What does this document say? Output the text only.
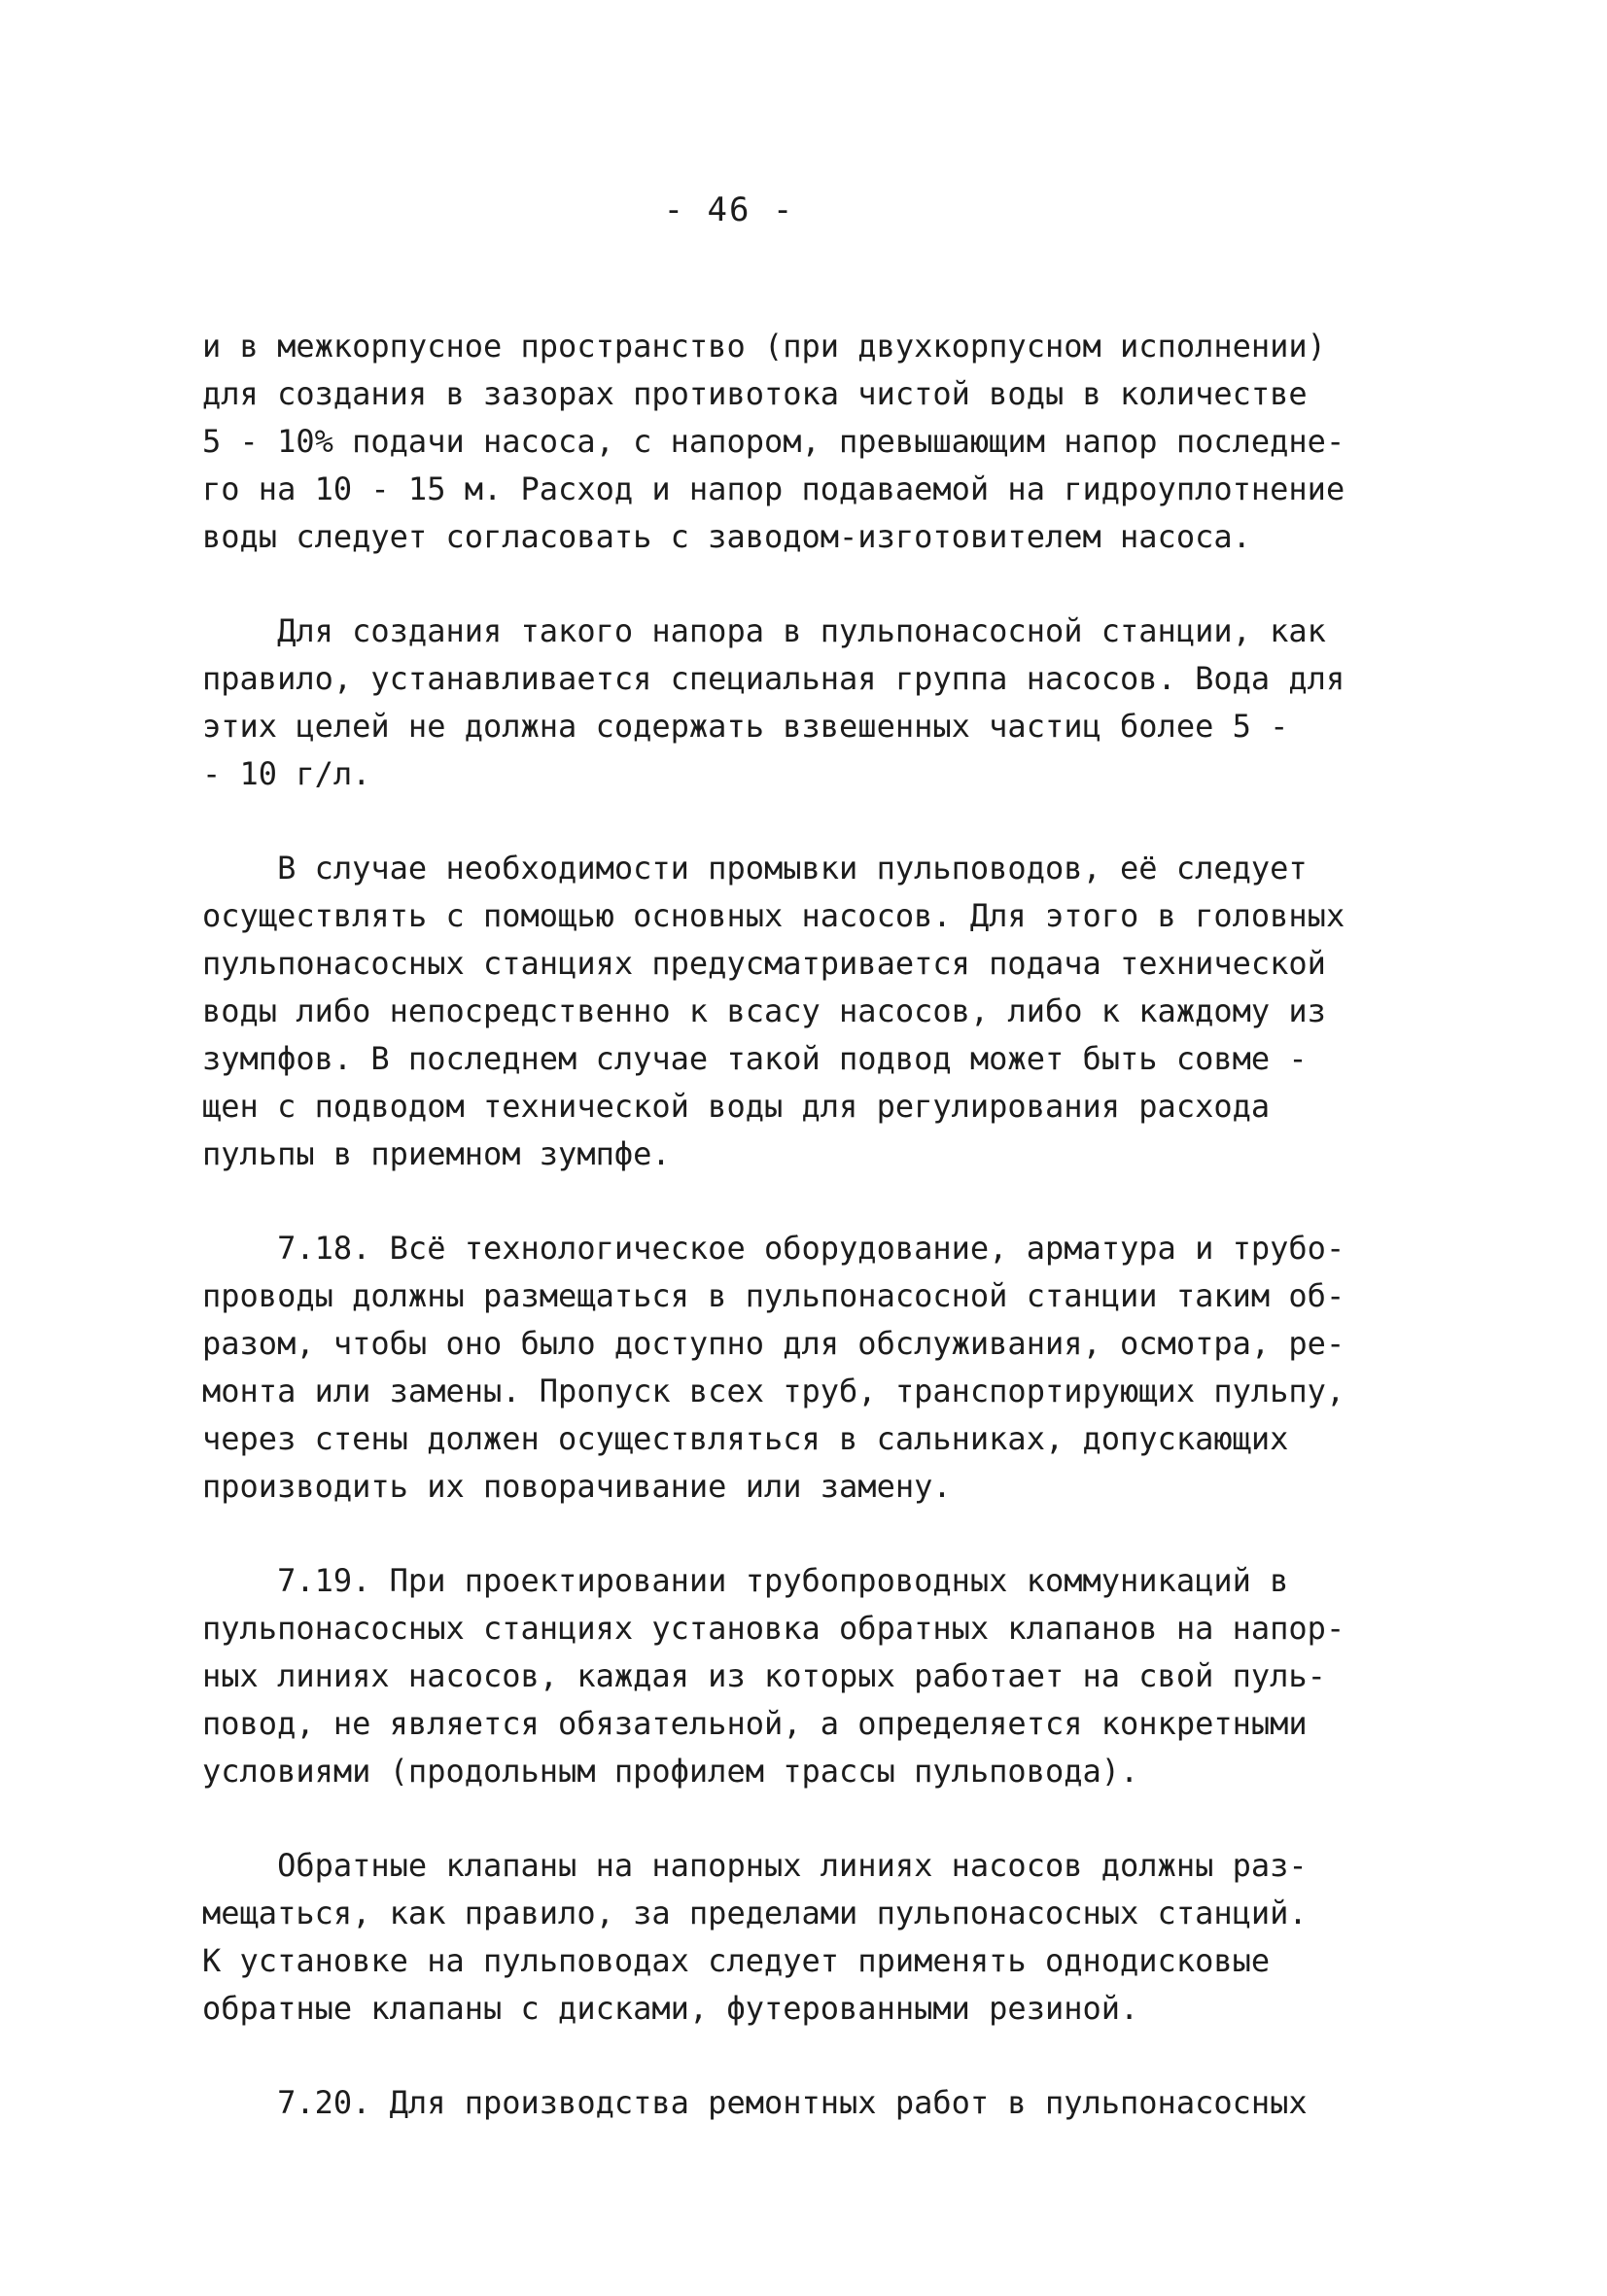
- 46 -
и в межкорпусное пространство (при двухкорпусном исполнении)
для создания в зазорах противотока чистой воды в количестве
5 - 10% подачи насоса, с напором, превышающим напор последне-
го на 10 - 15 м. Расход и напор подаваемой на гидроуплотнение
воды следует согласовать с заводом-изготовителем насоса.
Для создания такого напора в пульпонасосной станции, как
правило, устанавливается специальная группа насосов. Вода для
этих целей не должна содержать взвешенных частиц более 5 -
- 10 г/л.
В случае необходимости промывки пульповодов, её следует
осуществлять с помощью основных насосов. Для этого в головных
пульпонасосных станциях предусматривается подача технической
воды либо непосредственно к всасу насосов, либо к каждому из
зумпфов. В последнем случае такой подвод может быть совме -
щен с подводом технической воды для регулирования расхода
пульпы в приемном зумпфе.
7.18. Всё технологическое оборудование, арматура и трубо-
проводы должны размещаться в пульпонасосной станции таким об-
разом, чтобы оно было доступно для обслуживания, осмотра, ре-
монта или замены. Пропуск всех труб, транспортирующих пульпу,
через стены должен осуществляться в сальниках, допускающих
производить их поворачивание или замену.
7.19. При проектировании трубопроводных коммуникаций в
пульпонасосных станциях установка обратных клапанов на напор-
ных линиях насосов, каждая из которых работает на свой пуль-
повод, не является обязательной, а определяется конкретными
условиями (продольным профилем трассы пульповода).
Обратные клапаны на напорных линиях насосов должны раз-
мещаться, как правило, за пределами пульпонасосных станций.
К установке на пульповодах следует применять однодисковые
обратные клапаны с дисками, футерованными резиной.
7.20. Для производства ремонтных работ в пульпонасосных
